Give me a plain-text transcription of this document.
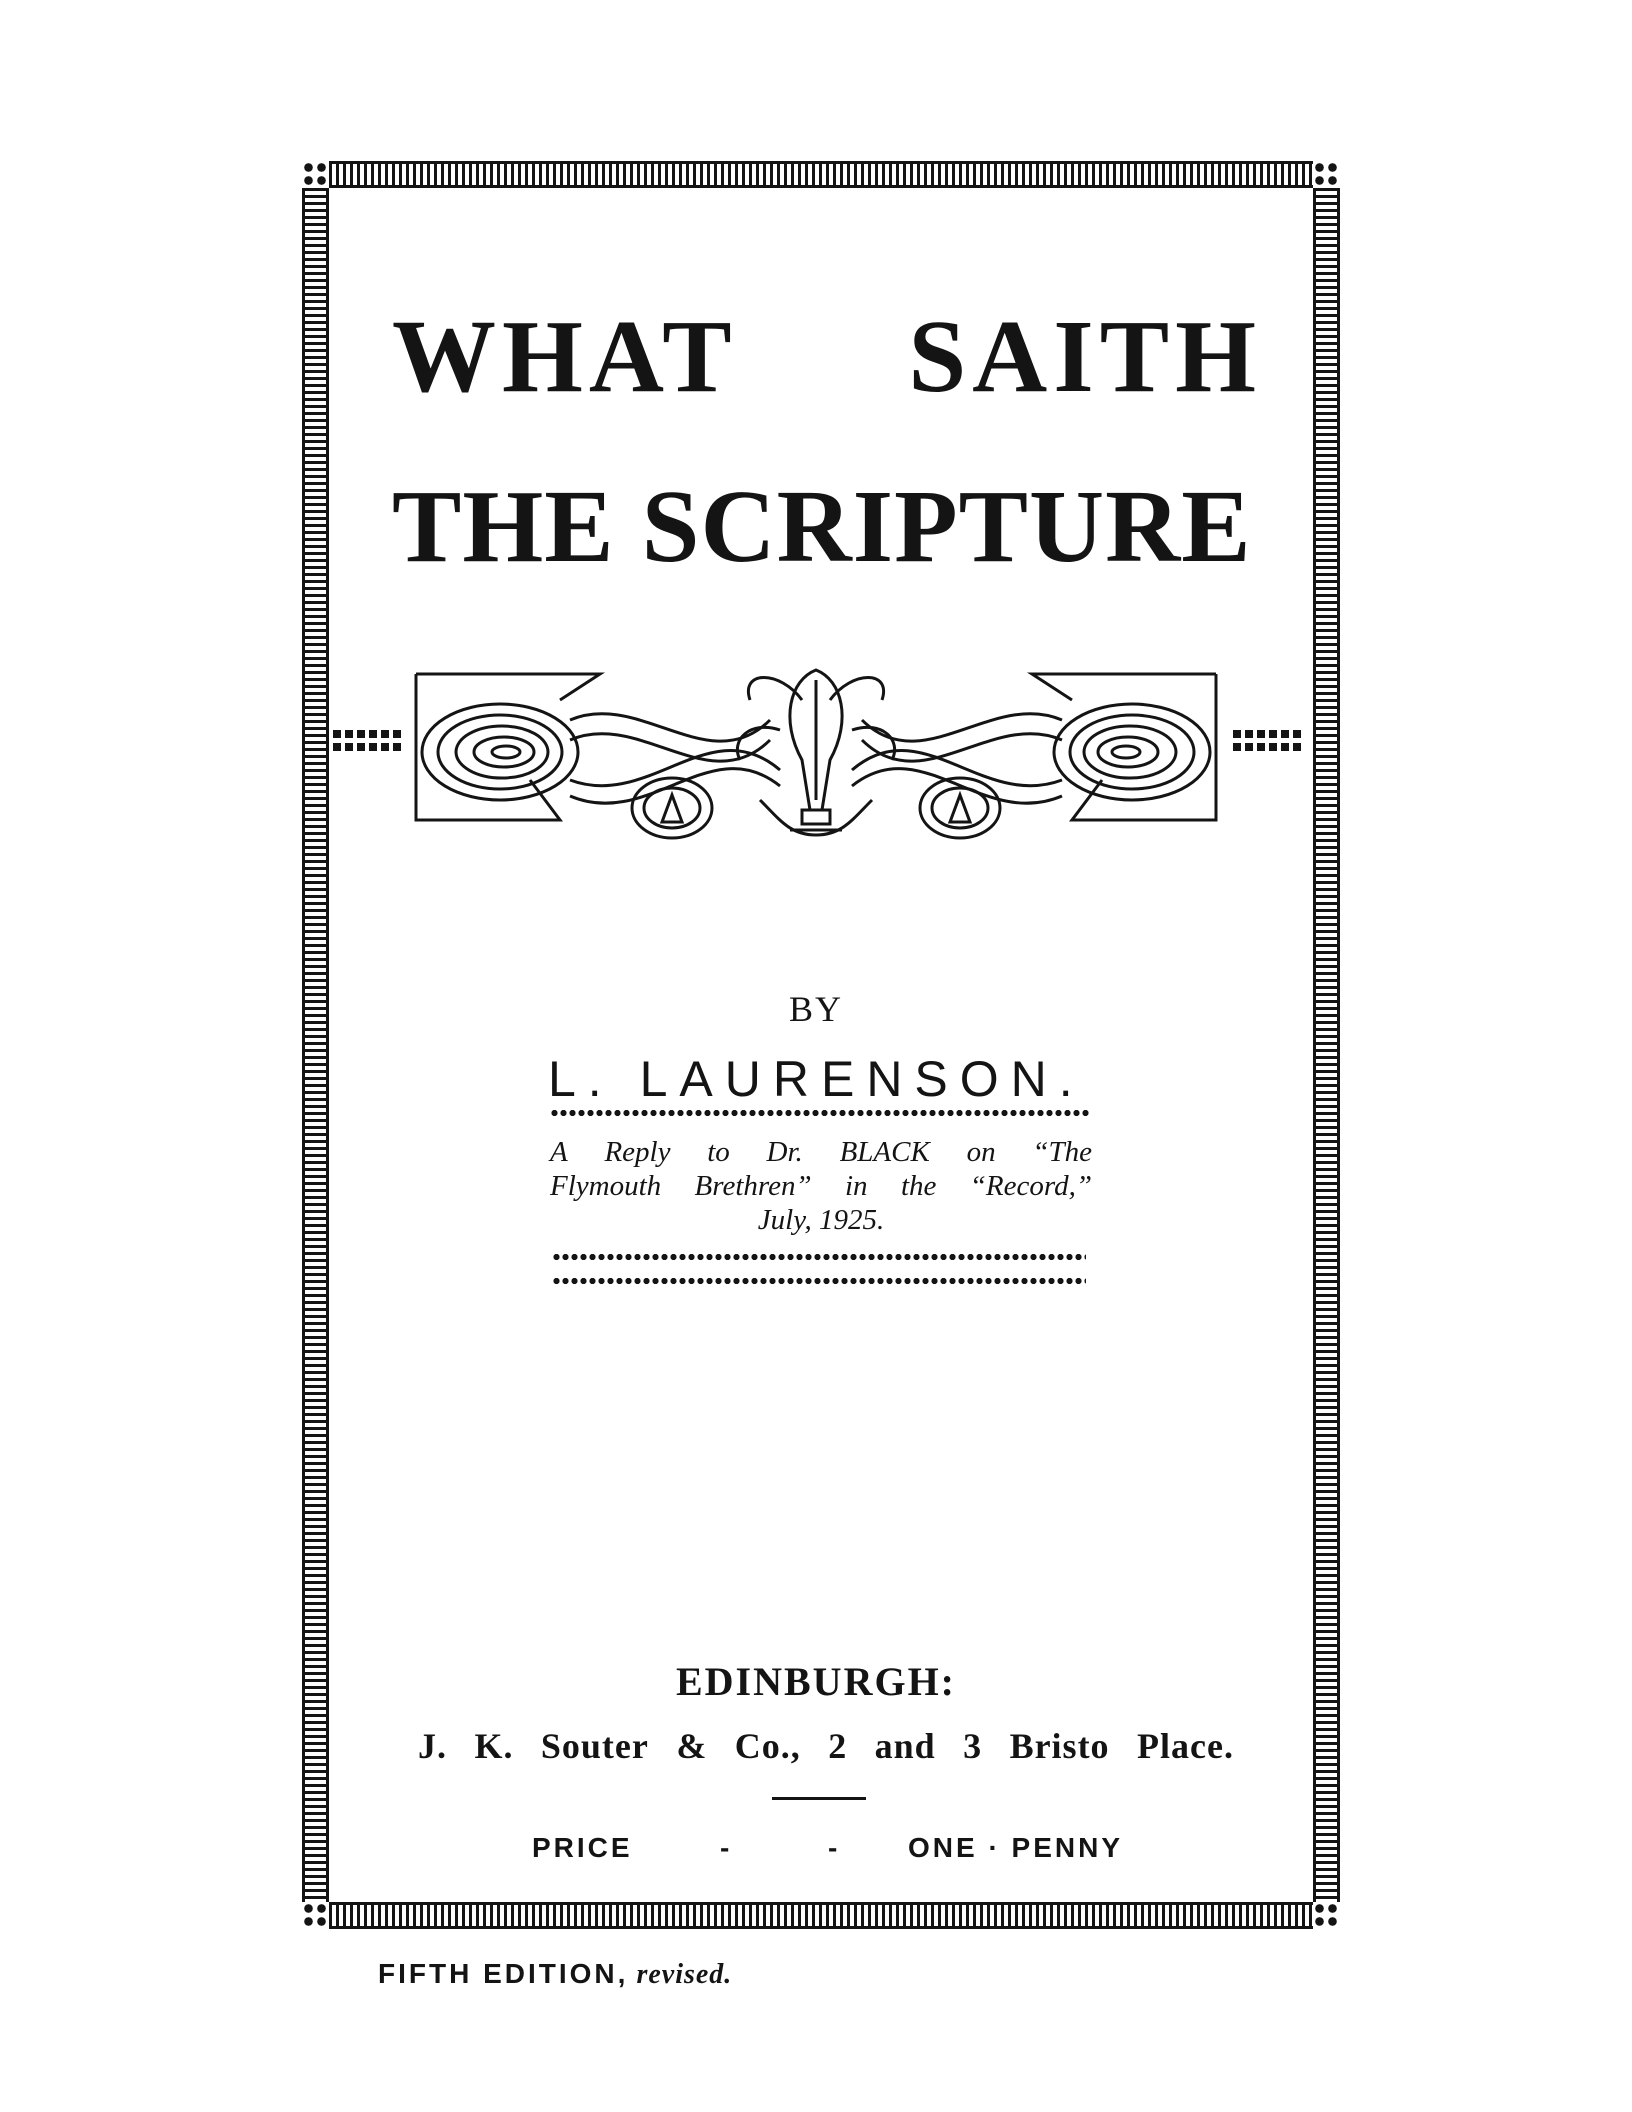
WHAT SAITH
THE SCRIPTURE
BY
L. LAURENSON.
A Reply to Dr. BLACK on “The
Flymouth Brethren” in the “Record,”
July, 1925.
EDINBURGH:
J. K. Souter & Co., 2 and 3 Bristo Place.
PRICE	-	- ONE · PENNY
FIFTH EDITION, revised.
